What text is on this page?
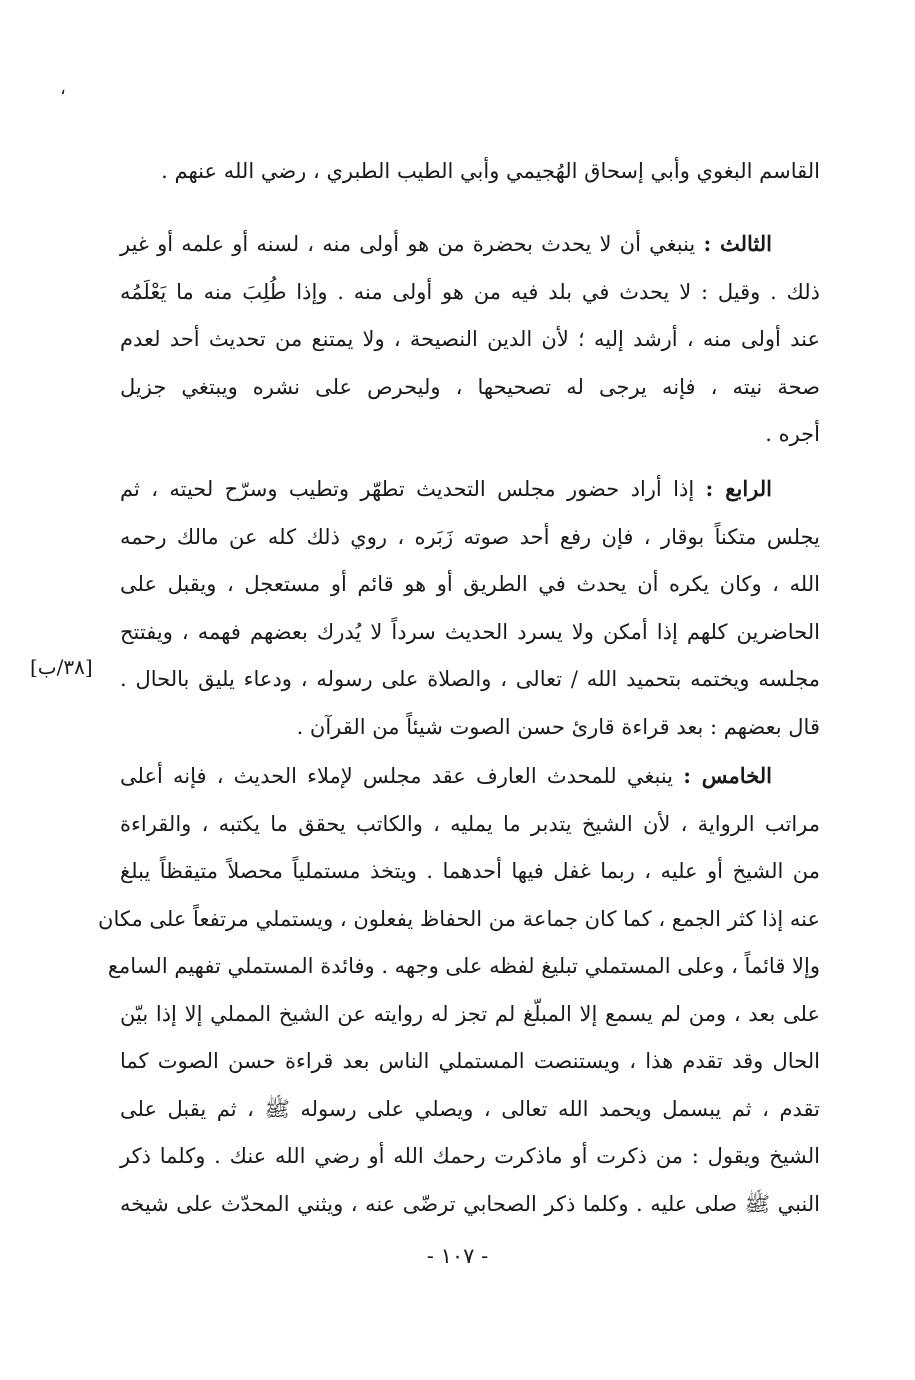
،
القاسم البغوي وأبي إسحاق الهُجيمي وأبي الطيب الطبري ، رضي الله عنهم .
الثالث : ينبغي أن لا يحدث بحضرة من هو أولى منه ، لسنه أو علمه أو غير
ذلك . وقيل : لا يحدث في بلد فيه من هو أولى منه . وإذا طُلِبَ منه ما يَعْلَمُه
عند أولى منه ، أرشد إليه ؛ لأن الدين النصيحة ، ولا يمتنع من تحديث أحد لعدم
صحة نيته ، فإنه يرجى له تصحيحها ، وليحرص على نشره ويبتغي جزيل
أجره .
الرابع : إذا أراد حضور مجلس التحديث تطهّر وتطيب وسرّح لحيته ، ثم
يجلس متكناً بوقار ، فإن رفع أحد صوته زَبَره ، روي ذلك كله عن مالك رحمه
الله ، وكان يكره أن يحدث في الطريق أو هو قائم أو مستعجل ، ويقبل على
الحاضرين كلهم إذا أمكن ولا يسرد الحديث سرداً لا يُدرك بعضهم فهمه ، ويفتتح
مجلسه ويختمه بتحميد الله / تعالى ، والصلاة على رسوله ، ودعاء يليق بالحال .
قال بعضهم : بعد قراءة قارئ حسن الصوت شيئاً من القرآن .
[٣٨/ب]
الخامس : ينبغي للمحدث العارف عقد مجلس لإملاء الحديث ، فإنه أعلى
مراتب الرواية ، لأن الشيخ يتدبر ما يمليه ، والكاتب يحقق ما يكتبه ، والقراءة
من الشيخ أو عليه ، ربما غفل فيها أحدهما . ويتخذ مستملياً محصلاً متيقظاً يبلغ
عنه إذا كثر الجمع ، كما كان جماعة من الحفاظ يفعلون ، ويستملي مرتفعاً على مكان
وإلا قائماً ، وعلى المستملي تبليغ لفظه على وجهه . وفائدة المستملي تفهيم السامع
على بعد ، ومن لم يسمع إلا المبلّغ لم تجز له روايته عن الشيخ المملي إلا إذا بيّن
الحال وقد تقدم هذا ، ويستنصت المستملي الناس بعد قراءة حسن الصوت كما
تقدم ، ثم يبسمل ويحمد الله تعالى ، ويصلي على رسوله ﷺ ، ثم يقبل على
الشيخ ويقول : من ذكرت أو ماذكرت رحمك الله أو رضي الله عنك . وكلما ذكر
النبي ﷺ صلى عليه . وكلما ذكر الصحابي ترضّى عنه ، ويثني المحدّث على شيخه
- ١٠٧ -
